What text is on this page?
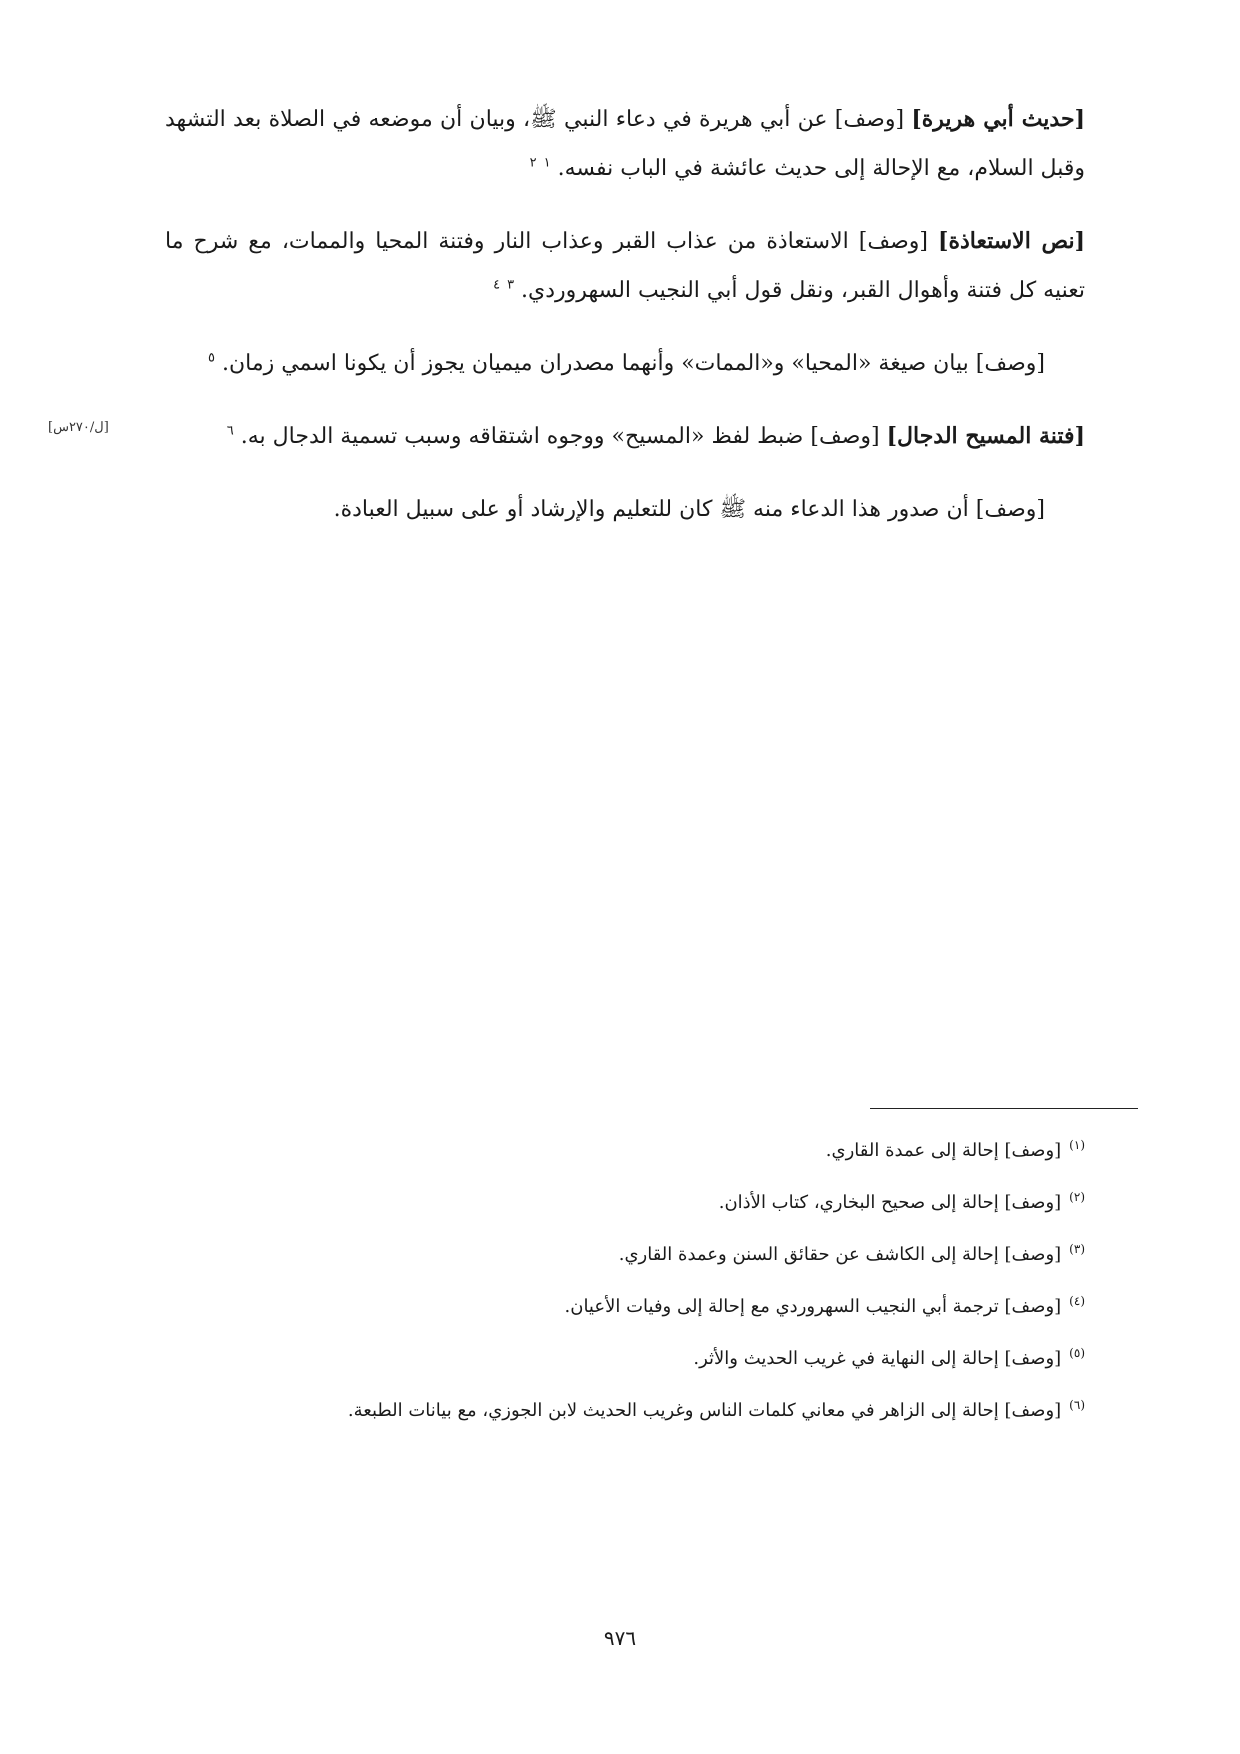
[ل/٢٧٠س]

[حديث أبي هريرة] [وصف] عن أبي هريرة في دعاء النبي ﷺ، وبيان أن موضعه في الصلاة بعد التشهد وقبل السلام، مع الإحالة إلى حديث عائشة في الباب نفسه. $^١$ $^٢$

[نص الاستعاذة] [وصف] الاستعاذة من عذاب القبر وعذاب النار وفتنة المحيا والممات، مع شرح ما تعنيه كل فتنة وأهوال القبر، ونقل قول أبي النجيب السهروردي. $^٣$ $^٤$

[وصف] بيان صيغة «المحيا» و«الممات» وأنهما مصدران ميميان يجوز أن يكونا اسمي زمان. $^٥$

[فتنة المسيح الدجال] [وصف] ضبط لفظ «المسيح» ووجوه اشتقاقه وسبب تسمية الدجال به. $^٦$

[وصف] أن صدور هذا الدعاء منه ﷺ كان للتعليم والإرشاد أو على سبيل العبادة.

$^{(١)}$[وصف] إحالة إلى عمدة القاري.

$^{(٢)}$[وصف] إحالة إلى صحيح البخاري، كتاب الأذان.

$^{(٣)}$[وصف] إحالة إلى الكاشف عن حقائق السنن وعمدة القاري.

$^{(٤)}$[وصف] ترجمة أبي النجيب السهروردي مع إحالة إلى وفيات الأعيان.

$^{(٥)}$[وصف] إحالة إلى النهاية في غريب الحديث والأثر.

$^{(٦)}$[وصف] إحالة إلى الزاهر في معاني كلمات الناس وغريب الحديث لابن الجوزي، مع بيانات الطبعة.

٩٧٦
